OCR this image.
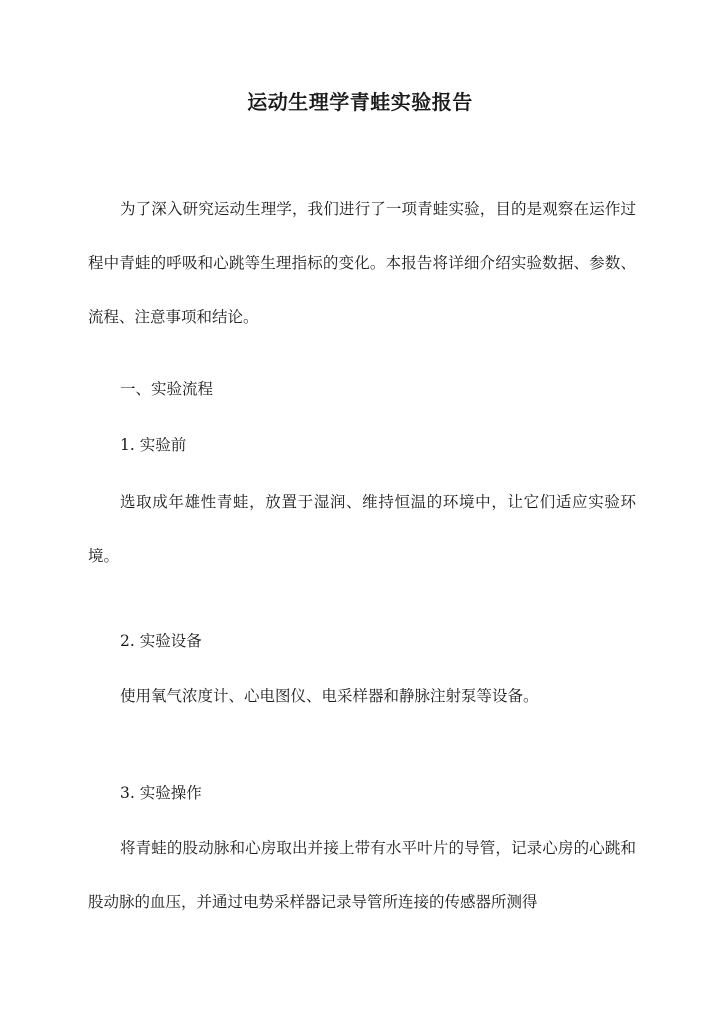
运动生理学青蛙实验报告
为了深入研究运动生理学，我们进行了一项青蛙实验，目的是观察在运作过程中青蛙的呼吸和心跳等生理指标的变化。本报告将详细介绍实验数据、参数、流程、注意事项和结论。
一、实验流程
1. 实验前
选取成年雄性青蛙，放置于湿润、维持恒温的环境中，让它们适应实验环境。
2. 实验设备
使用氧气浓度计、心电图仪、电采样器和静脉注射泵等设备。
3. 实验操作
将青蛙的股动脉和心房取出并接上带有水平叶片的导管，记录心房的心跳和股动脉的血压，并通过电势采样器记录导管所连接的传感器所测得
